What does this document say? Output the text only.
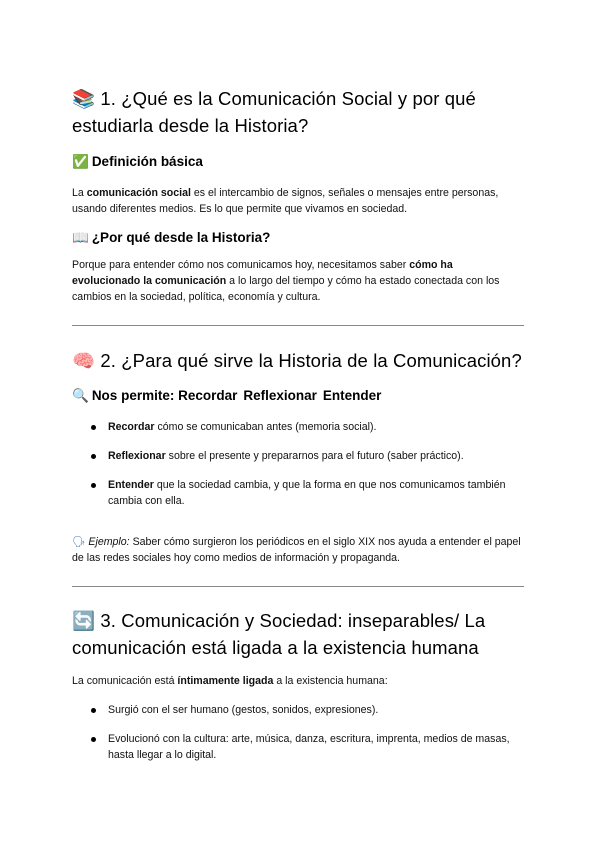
📚 1. ¿Qué es la Comunicación Social y por qué estudiarla desde la Historia?
✅ Definición básica

La comunicación social es el intercambio de signos, señales o mensajes entre personas, usando diferentes medios. Es lo que permite que vivamos en sociedad.

📖 ¿Por qué desde la Historia?

Porque para entender cómo nos comunicamos hoy, necesitamos saber cómo ha evolucionado la comunicación a lo largo del tiempo y cómo ha estado conectada con los cambios en la sociedad, política, economía y cultura.

🧠 2. ¿Para qué sirve la Historia de la Comunicación?
🔍 Nos permite: Recordar Reflexionar Entender
Recordar cómo se comunicaban antes (memoria social).
Reflexionar sobre el presente y prepararnos para el futuro (saber práctico).
Entender que la sociedad cambia, y que la forma en que nos comunicamos también cambia con ella.

🗣 Ejemplo: Saber cómo surgieron los periódicos en el siglo XIX nos ayuda a entender el papel de las redes sociales hoy como medios de información y propaganda.

🔄 3. Comunicación y Sociedad: inseparables/ La comunicación está ligada a la existencia humana

La comunicación está íntimamente ligada a la existencia humana:

Surgió con el ser humano (gestos, sonidos, expresiones).
Evolucionó con la cultura: arte, música, danza, escritura, imprenta, medios de masas, hasta llegar a lo digital.
